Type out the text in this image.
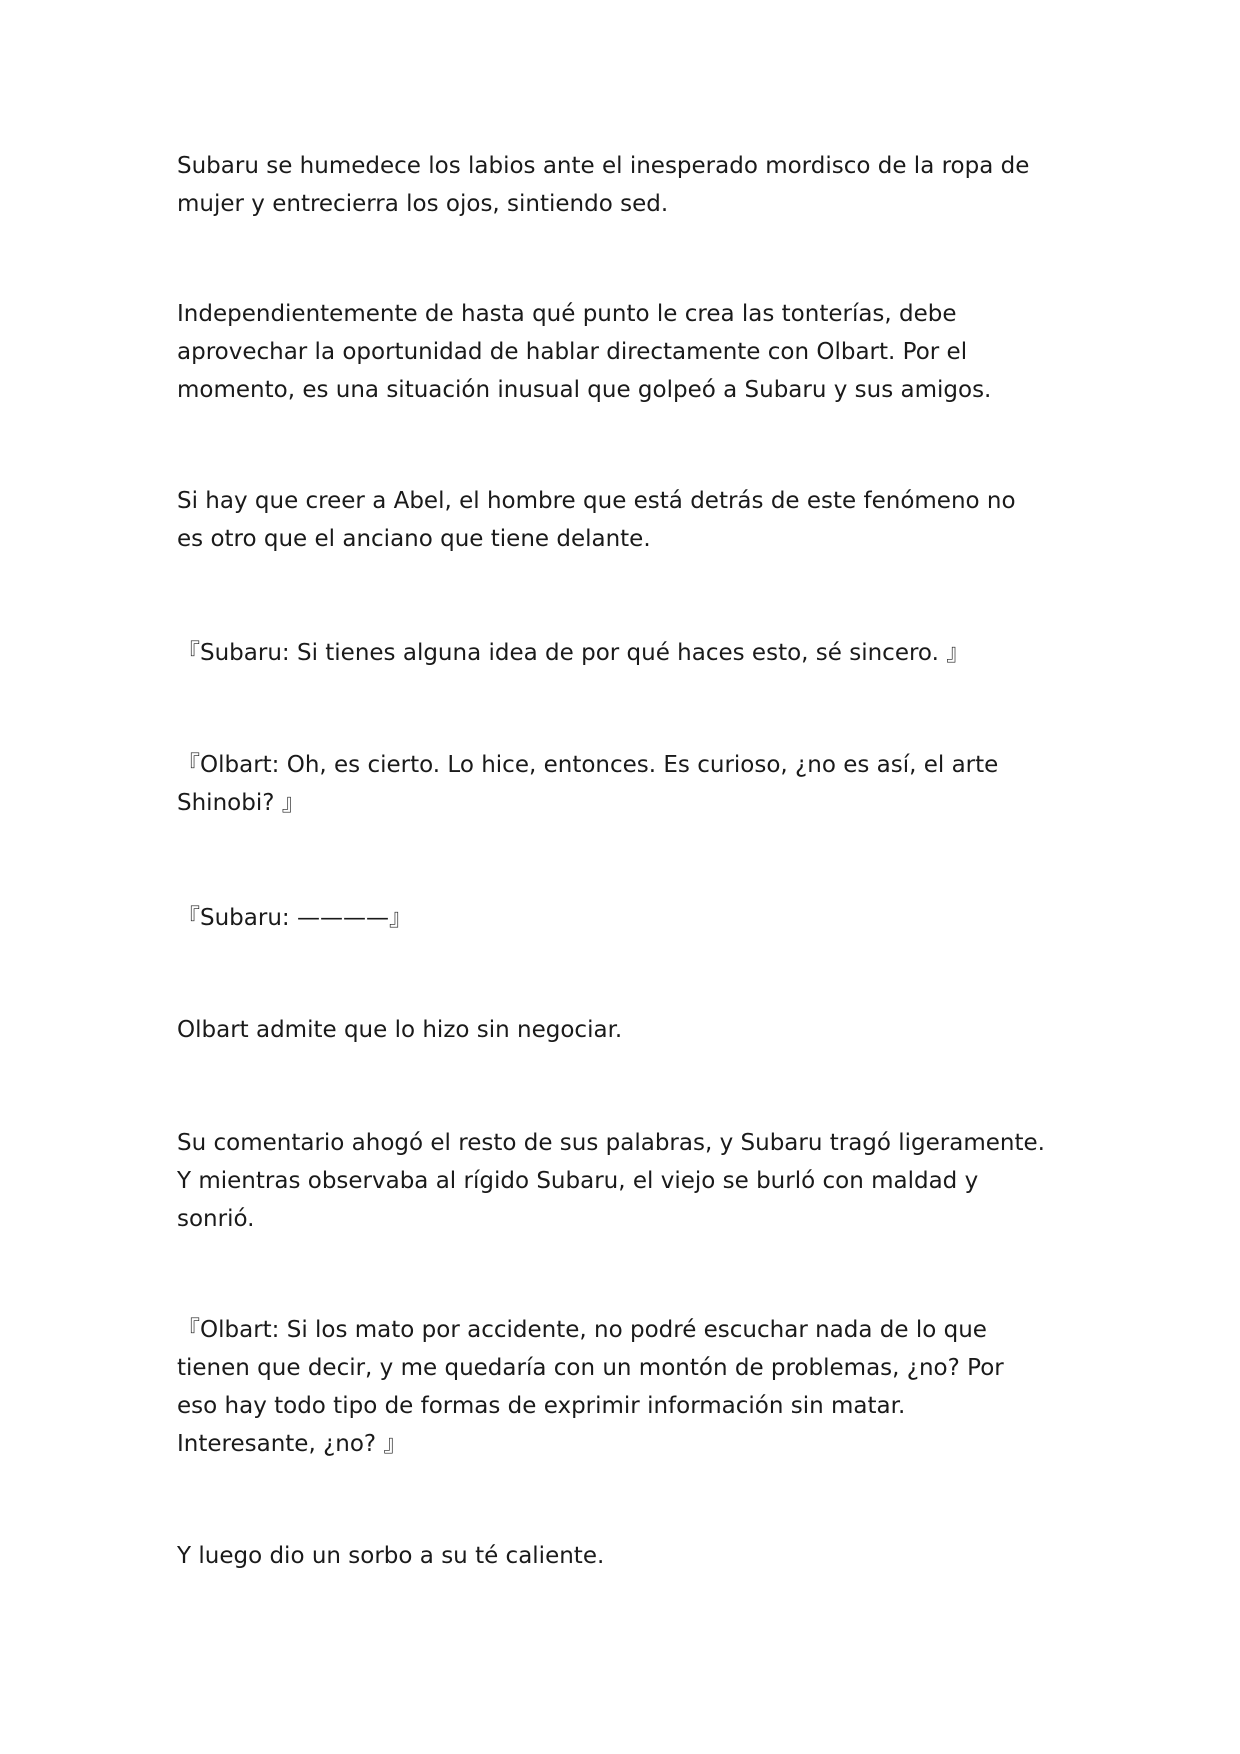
Subaru se humedece los labios ante el inesperado mordisco de la ropa de
mujer y entrecierra los ojos, sintiendo sed.

Independientemente de hasta qué punto le crea las tonterías, debe
aprovechar la oportunidad de hablar directamente con Olbart. Por el
momento, es una situación inusual que golpeó a Subaru y sus amigos.

Si hay que creer a Abel, el hombre que está detrás de este fenómeno no
es otro que el anciano que tiene delante.

『Subaru: Si tienes alguna idea de por qué haces esto, sé sincero. 』

『Olbart: Oh, es cierto. Lo hice, entonces. Es curioso, ¿no es así, el arte
Shinobi? 』

『Subaru: ————』

Olbart admite que lo hizo sin negociar.

Su comentario ahogó el resto de sus palabras, y Subaru tragó ligeramente.
Y mientras observaba al rígido Subaru, el viejo se burló con maldad y
sonrió.

『Olbart: Si los mato por accidente, no podré escuchar nada de lo que
tienen que decir, y me quedaría con un montón de problemas, ¿no? Por
eso hay todo tipo de formas de exprimir información sin matar.
Interesante, ¿no? 』

Y luego dio un sorbo a su té caliente.
